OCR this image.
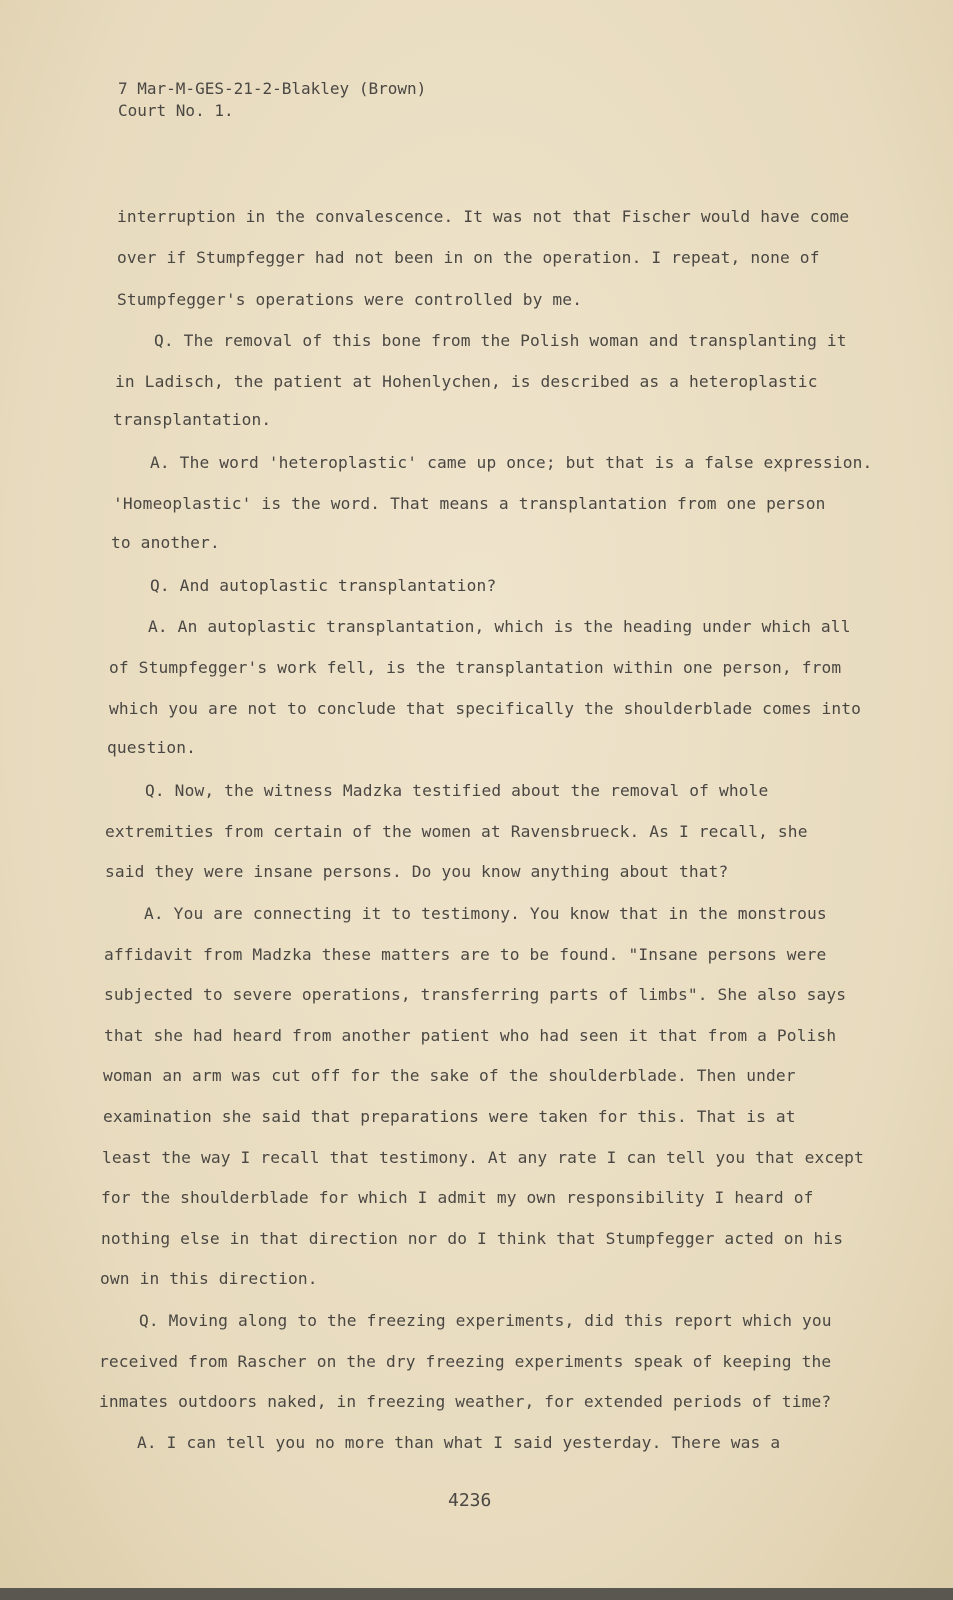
7 Mar-M-GES-21-2-Blakley (Brown)
Court No. 1.
interruption in the convalescence. It was not that Fischer would have come
over if Stumpfegger had not been in on the operation. I repeat, none of
Stumpfegger's operations were controlled by me.
Q. The removal of this bone from the Polish woman and transplanting it
in Ladisch, the patient at Hohenlychen, is described as a heteroplastic
transplantation.
A. The word 'heteroplastic' came up once; but that is a false expression.
'Homeoplastic' is the word. That means a transplantation from one person
to another.
Q. And autoplastic transplantation?
A. An autoplastic transplantation, which is the heading under which all
of Stumpfegger's work fell, is the transplantation within one person, from
which you are not to conclude that specifically the shoulderblade comes into
question.
Q. Now, the witness Madzka testified about the removal of whole
extremities from certain of the women at Ravensbrueck. As I recall, she
said they were insane persons. Do you know anything about that?
A. You are connecting it to testimony. You know that in the monstrous
affidavit from Madzka these matters are to be found. "Insane persons were
subjected to severe operations, transferring parts of limbs". She also says
that she had heard from another patient who had seen it that from a Polish
woman an arm was cut off for the sake of the shoulderblade. Then under
examination she said that preparations were taken for this. That is at
least the way I recall that testimony. At any rate I can tell you that except
for the shoulderblade for which I admit my own responsibility I heard of
nothing else in that direction nor do I think that Stumpfegger acted on his
own in this direction.
Q. Moving along to the freezing experiments, did this report which you
received from Rascher on the dry freezing experiments speak of keeping the
inmates outdoors naked, in freezing weather, for extended periods of time?
A. I can tell you no more than what I said yesterday. There was a
4236
